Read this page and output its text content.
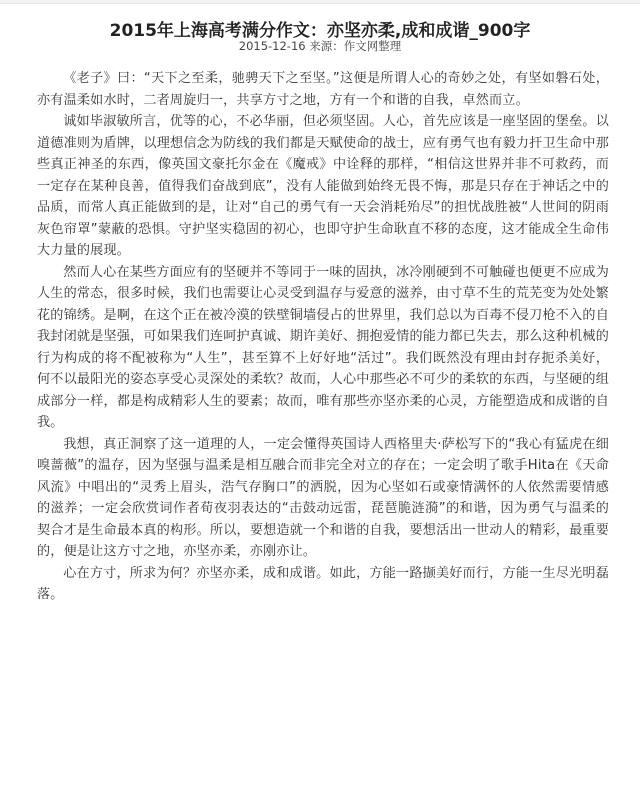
2015年上海高考满分作文：亦坚亦柔,成和成谐_900字
2015-12-16 来源：作文网整理

《老子》曰：“天下之至柔，驰骋天下之至坚。”这便是所谓人心的奇妙之处，有坚如磐石处，亦有温柔如水时，二者周旋归一，共享方寸之地，方有一个和谐的自我，卓然而立。

诚如毕淑敏所言，优等的心，不必华丽，但必须坚固。人心，首先应该是一座坚固的堡垒。以道德准则为盾牌，以理想信念为防线的我们都是天赋使命的战士，应有勇气也有毅力扞卫生命中那些真正神圣的东西，像英国文豪托尔金在《魔戒》中诠释的那样，“相信这世界并非不可救药，而一定存在某种良善，值得我们奋战到底”，没有人能做到始终无畏不悔，那是只存在于神话之中的品质，而常人真正能做到的是，让对“自己的勇气有一天会消耗殆尽”的担忧战胜被“人世间的阴雨灰色帘罩”蒙蔽的恐惧。守护坚实稳固的初心，也即守护生命耿直不移的态度，这才能成全生命伟大力量的展现。

然而人心在某些方面应有的坚硬并不等同于一味的固执，冰冷刚硬到不可触碰也便更不应成为人生的常态，很多时候，我们也需要让心灵受到温存与爱意的滋养，由寸草不生的荒芜变为处处繁花的锦绣。是啊，在这个正在被冷漠的铁壁铜墙侵占的世界里，我们总以为百毒不侵刀枪不入的自我封闭就是坚强，可如果我们连呵护真诚、期许美好、拥抱爱情的能力都已失去，那么这种机械的行为构成的将不配被称为“人生”，甚至算不上好好地“活过”。我们既然没有理由封存扼杀美好，何不以最阳光的姿态享受心灵深处的柔软？故而，人心中那些必不可少的柔软的东西，与坚硬的组成部分一样，都是构成精彩人生的要素；故而，唯有那些亦坚亦柔的心灵，方能塑造成和成谐的自我。

我想，真正洞察了这一道理的人，一定会懂得英国诗人西格里夫·萨松写下的“我心有猛虎在细嗅蔷薇”的温存，因为坚强与温柔是相互融合而非完全对立的存在；一定会明了歌手Hita在《天命风流》中唱出的“灵秀上眉头，浩气存胸口”的洒脱，因为心坚如石或豪情满怀的人依然需要情感的滋养；一定会欣赏词作者荀夜羽表达的“击鼓动远雷，琵琶脆涟漪”的和谐，因为勇气与温柔的契合才是生命最本真的构形。所以，要想造就一个和谐的自我，要想活出一世动人的精彩，最重要的，便是让这方寸之地，亦坚亦柔，亦刚亦让。

心在方寸，所求为何？亦坚亦柔，成和成谐。如此，方能一路撷美好而行，方能一生尽光明磊落。
